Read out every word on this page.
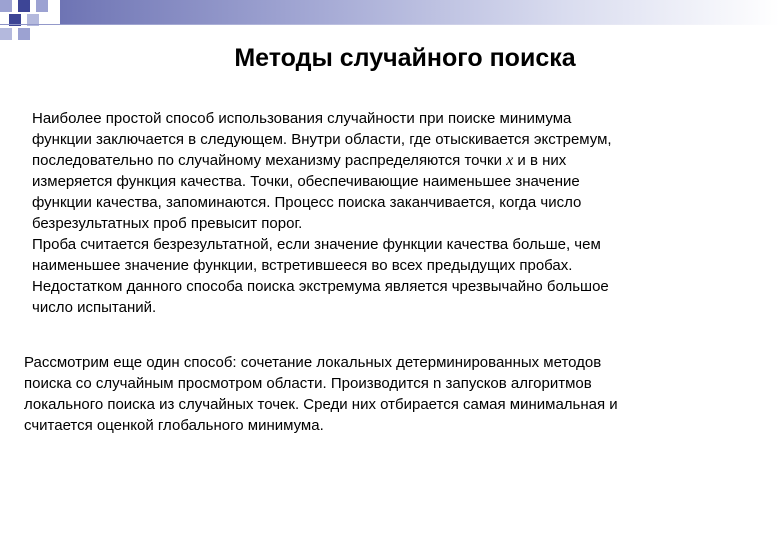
Методы случайного поиска

Наиболее простой способ использования случайности при поиске минимума
функции заключается в следующем. Внутри области, где отыскивается экстремум,
последовательно по случайному механизму распределяются точки x и в них
измеряется функция качества. Точки, обеспечивающие наименьшее значение
функции качества, запоминаются. Процесс поиска заканчивается, когда число
безрезультатных проб превысит порог.
Проба считается безрезультатной, если значение функции качества больше, чем
наименьшее значение функции, встретившееся во всех предыдущих пробах.
Недостатком данного способа поиска экстремума является чрезвычайно большое
число испытаний.

Рассмотрим еще один способ: сочетание локальных детерминированных методов
поиска со случайным просмотром области. Производится n запусков алгоритмов
локального поиска из случайных точек. Среди них отбирается самая минимальная и
считается оценкой глобального минимума.
